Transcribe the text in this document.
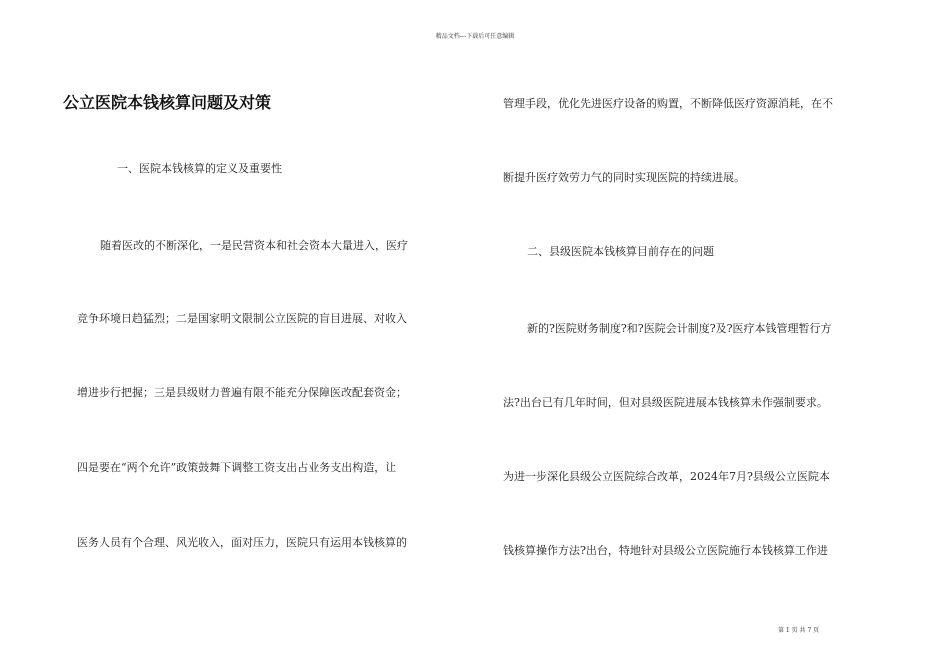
精品文档---下载后可任意编辑
公立医院本钱核算问题及对策
一、医院本钱核算的定义及重要性
随着医改的不断深化，一是民营资本和社会资本大量进入，医疗
竞争环境日趋猛烈；二是国家明文限制公立医院的盲目进展、对收入
增进步行把握；三是县级财力普遍有限不能充分保障医改配套资金；
四是要在“两个允许”政策鼓舞下调整工资支出占业务支出构造，让
医务人员有个合理、风光收入，面对压力，医院只有运用本钱核算的
管理手段，优化先进医疗设备的购置，不断降低医疗资源消耗，在不
断提升医疗效劳力气的同时实现医院的持续进展。
二、县级医院本钱核算目前存在的问题
新的?医院财务制度?和?医院会计制度?及?医疗本钱管理暂行方
法?出台已有几年时间，但对县级医院进展本钱核算未作强制要求。
为进一步深化县级公立医院综合改革，2024年7月?县级公立医院本
钱核算操作方法?出台，特地针对县级公立医院施行本钱核算工作进
第 1 页 共 7 页
